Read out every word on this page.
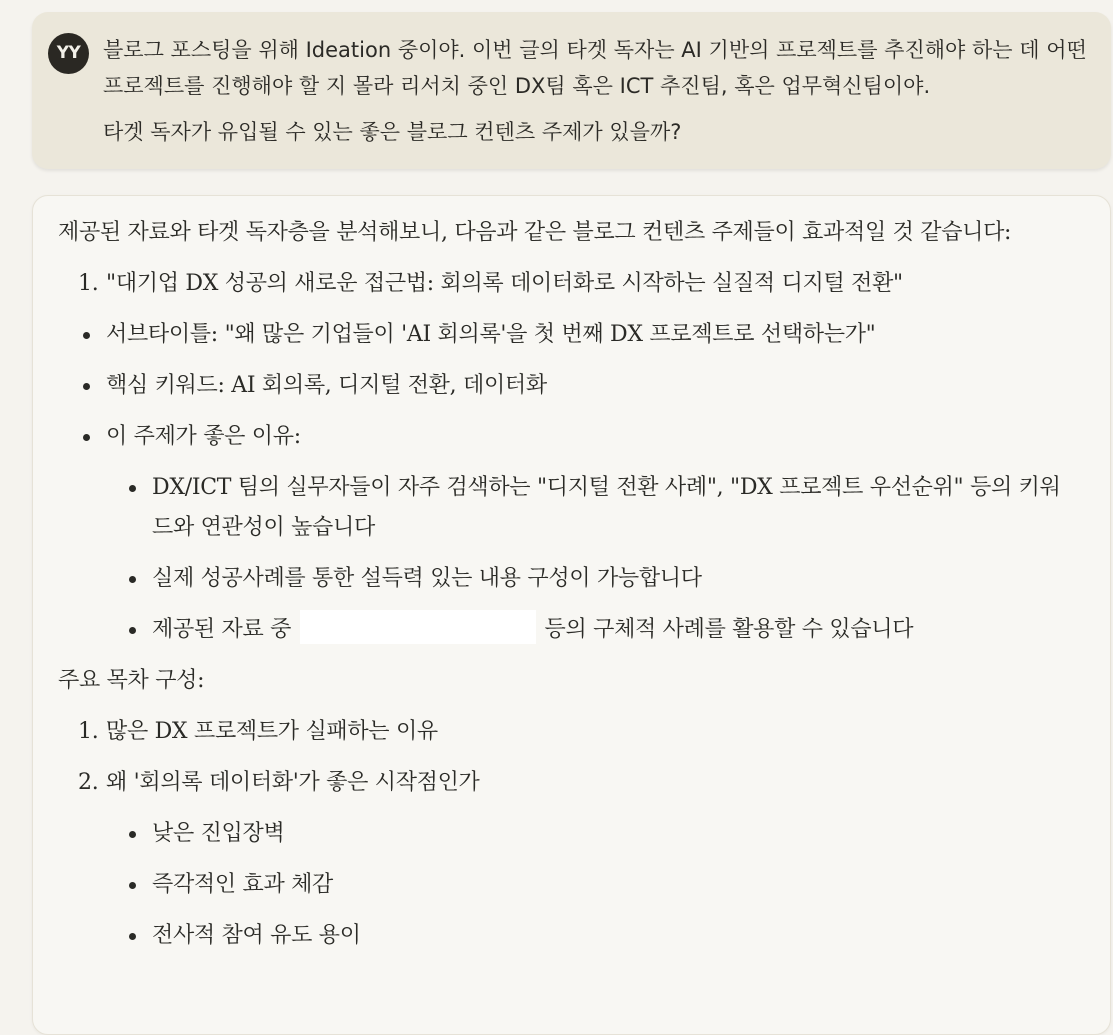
YY	블로그 포스팅을 위해 Ideation 중이야. 이번 글의 타겟 독자는 AI 기반의 프로젝트를 추진해야 하는 데 어떤 프로젝트를 진행해야 할 지 몰라 리서치 중인 DX팀 혹은 ICT 추진팀, 혹은 업무혁신팀이야.

타겟 독자가 유입될 수 있는 좋은 블로그 컨텐츠 주제가 있을까?

제공된 자료와 타겟 독자층을 분석해보니, 다음과 같은 블로그 컨텐츠 주제들이 효과적일 것 같습니다:

1. "대기업 DX 성공의 새로운 접근법: 회의록 데이터화로 시작하는 실질적 디지털 전환"

서브타이틀: "왜 많은 기업들이 'AI 회의록'을 첫 번째 DX 프로젝트로 선택하는가"

핵심 키워드: AI 회의록, 디지털 전환, 데이터화

이 주제가 좋은 이유:

DX/ICT 팀의 실무자들이 자주 검색하는 "디지털 전환 사례", "DX 프로젝트 우선순위" 등의 키워드와 연관성이 높습니다

실제 성공사례를 통한 설득력 있는 내용 구성이 가능합니다

제공된 자료 중	등의 구체적 사례를 활용할 수 있습니다

주요 목차 구성:

1. 많은 DX 프로젝트가 실패하는 이유

2. 왜 '회의록 데이터화'가 좋은 시작점인가

낮은 진입장벽

즉각적인 효과 체감

전사적 참여 유도 용이
